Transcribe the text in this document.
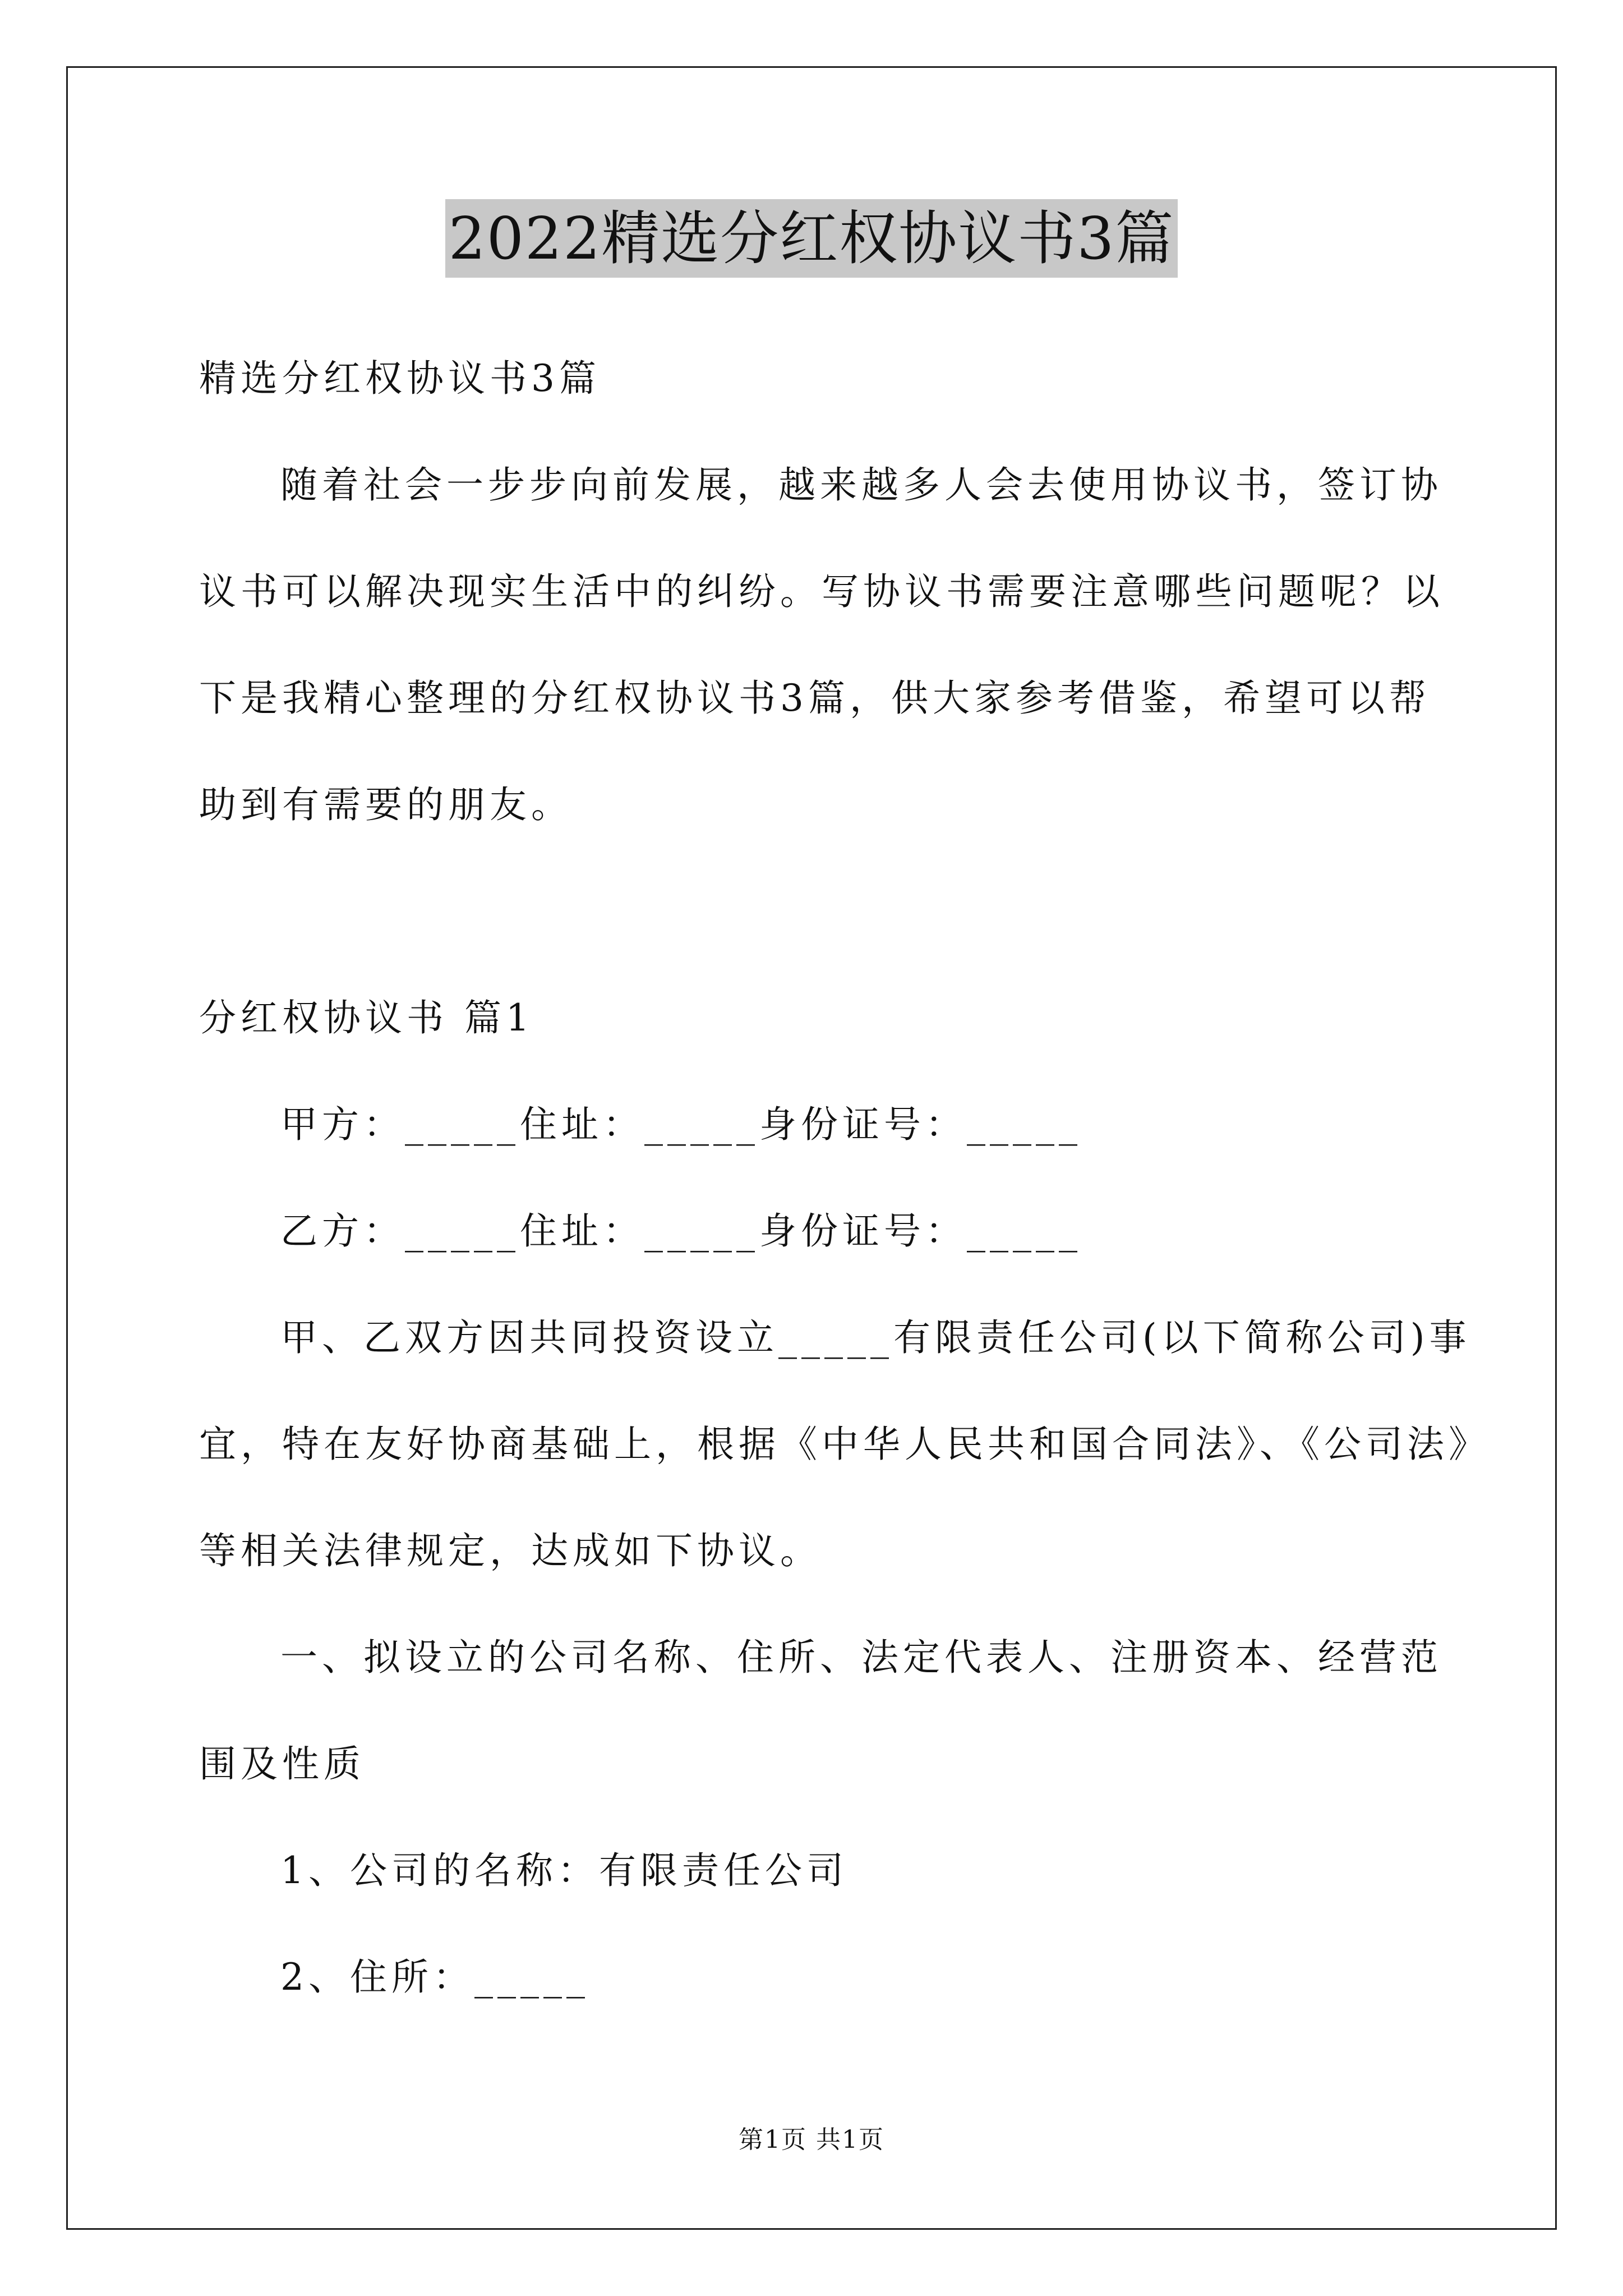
2022精选分红权协议书3篇
精选分红权协议书3篇
随着社会一步步向前发展，越来越多人会去使用协议书，签订协
议书可以解决现实生活中的纠纷。写协议书需要注意哪些问题呢？以
下是我精心整理的分红权协议书3篇，供大家参考借鉴，希望可以帮
助到有需要的朋友。
分红权协议书 篇1
甲方：_____住址：_____身份证号：_____
乙方：_____住址：_____身份证号：_____
甲、乙双方因共同投资设立_____有限责任公司(以下简称公司)事
宜，特在友好协商基础上，根据《中华人民共和国合同法》、《公司法》
等相关法律规定，达成如下协议。
一、拟设立的公司名称、住所、法定代表人、注册资本、经营范
围及性质
1、公司的名称：有限责任公司
2、住所：_____
第1页 共1页
